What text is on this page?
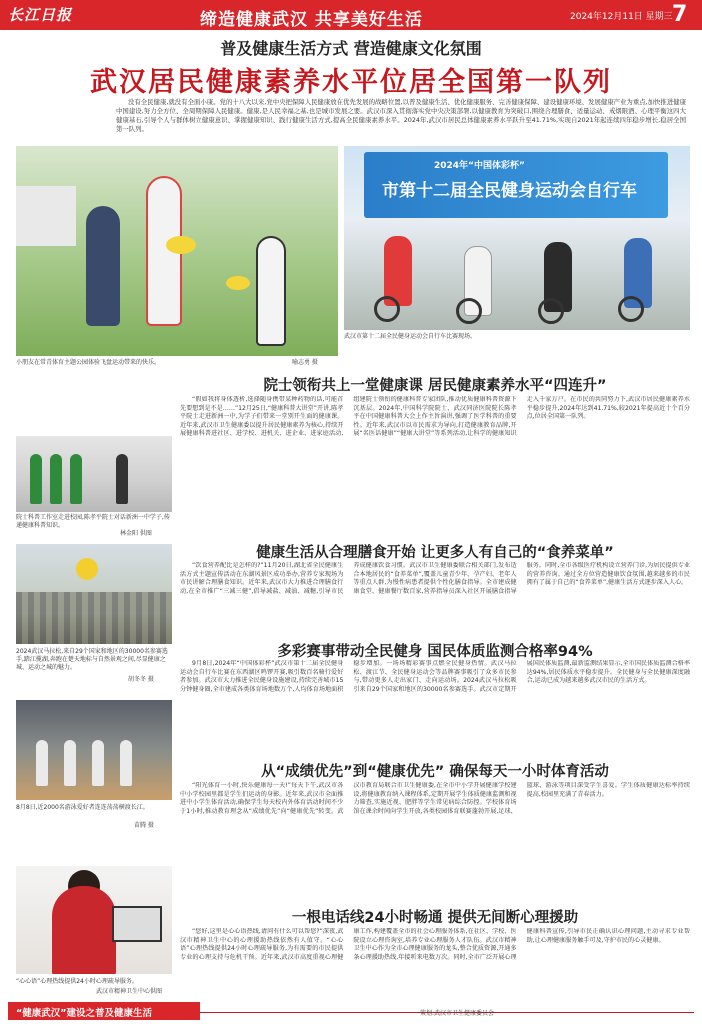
长江日报	缔造健康武汉 共享美好生活	2024年12月11日 星期三 7
普及健康生活方式 营造健康文化氛围
武汉居民健康素养水平位居全国第一队列

没有全民健康,就没有全面小康。党的十八大以来,党中央把保障人民健康放在优先发展的战略位置,以普及健康生活、优化健康服务、完善健康保障、建设健康环境、发展健康产业为重点,加快推进健康中国建设,努力全方位、全周期保障人民健康。健康,是人民幸福之基,也是城市发展之要。武汉市深入贯彻落实党中央决策部署,以健康教育为突破口,围绕合理膳食、适量运动、戒烟限酒、心理平衡这四大健康基石,引导个人与群体树立健康意识、掌握健康知识、践行健康生活方式,提高全民健康素养水平。2024年,武汉市居民总体健康素养水平跃升至41.71%,实现自2021年起连续四年稳步增长,稳居全国第一队列。

小朋友在常青体育主题公园体验飞盘运动带来的快乐。	喻志勇 摄
2024年“中国体彩杯”
市第十二届全民健身运动会自行车
武汉市第十二届全民健身运动会自行车比赛现场。
院士领衔共上一堂健康课 居民健康素养水平“四连升”

“假如我将身体透析,选择随身携带某种药物的话,可能首先要想到是不是……”12月25日,“健康科普大讲堂”开讲,陈孝平院士走进新洲一中,为学子们带来一堂别开生面的健康课。近年来,武汉市卫生健康委以提升居民健康素养为核心,持续开展健康科普进社区、进学校、进机关、进企业、进家庭活动,组建院士领衔的健康科普专家团队,推动优质健康科普资源下沉基层。2024年,中国科学院院士、武汉同济医院院长陈孝平在中国健康科普大会上作主旨演讲,强调了医学科普的重要性。近年来,武汉市以市民需求为导向,打造健康教育品牌,开展“名医话健康”“健康大讲堂”等系列活动,让科学的健康知识走入千家万户。在市民的共同努力下,武汉市居民健康素养水平稳步提升,2024年达到41.71%,较2021年提高近十个百分点,位居全国第一队列。

院士科普工作室走进校园,陈孝平院士对话新洲一中学子,传递健康科普知识。
林金阳 供图
健康生活从合理膳食开始 让更多人有自己的“食养菜单”

“饮食营养配比是怎样的?”11月20日,湖北省全民健康生活方式主题宣传活动在东湖风景区成功举办,营养专家现场为市民讲解合理膳食知识。近年来,武汉市大力推进合理膳食行动,在全市推广“三减三健”,倡导减盐、减油、减糖,引导市民养成健康饮食习惯。武汉市卫生健康委联合相关部门,发布适合本地居民的“食养菜单”,覆盖儿童青少年、孕产妇、老年人等重点人群,为慢性病患者提供个性化膳食指导。全市建成健康食堂、健康餐厅数百家,营养指导员深入社区开展膳食指导服务。同时,全市各级医疗机构设立营养门诊,为居民提供专业的营养咨询。通过全方位营造健康饮食氛围,越来越多的市民拥有了属于自己的“食养菜单”,健康生活方式逐步深入人心。

2024武汉马拉松,来自29个国家和地区的30000名参赛选手,踏江揽湖,奔跑在楚天地标与自然景观之间,尽显健康之城、运动之城的魅力。
胡冬冬 摄
多彩赛事带动全民健身 国民体质监测合格率94%

9月8日,2024年“中国体彩杯”武汉市第十二届全民健身运动会自行车比赛在东西湖区鸣锣开赛,吸引数百名骑行爱好者参加。武汉市大力推进全民健身设施建设,持续完善城市15分钟健身圈,全市建成各类体育场地数万个,人均体育场地面积稳步增加。一场场精彩赛事点燃全民健身热情。武汉马拉松、渡江节、全民健身运动会等品牌赛事吸引了众多市民参与,带动更多人走出家门、走向运动场。2024武汉马拉松吸引来自29个国家和地区的30000名参赛选手。武汉市定期开展国民体质监测,最新监测结果显示,全市国民体质监测合格率达94%,居民体质水平稳步提升。全民健身与全民健康深度融合,运动已成为越来越多武汉市民的生活方式。

8月8日,近2000名游泳爱好者连连荡荡横渡长江。
苗腾 摄
从“成绩优先”到“健康优先” 确保每天一小时体育活动

“阳光体育一小时,快乐健康每一天!”每天下午,武汉市各中小学校园里都是学生们运动的身影。近年来,武汉市全面推进中小学生体育活动,确保学生每天校内外体育活动时间不少于1小时,推动教育理念从“成绩优先”向“健康优先”转变。武汉市教育局联合市卫生健康委,在全市中小学开展健康学校建设,将健康教育纳入课程体系,定期开展学生体质健康监测和视力筛查,实施近视、肥胖等学生常见病综合防控。学校体育场馆在课余时间向学生开放,各类校园体育联赛蓬勃开展,足球、篮球、游泳等项目深受学生喜爱。学生体质健康达标率持续提高,校园里充满了青春活力。

一根电话线24小时畅通 提供无间断心理援助

“您好,这里是心心语热线,请问有什么可以帮您?”深夜,武汉市精神卫生中心的心理援助热线依然有人值守。“心心语”心理热线提供24小时心理疏导服务,为有需要的市民提供专业的心理支持与危机干预。近年来,武汉市高度重视心理健康工作,构建覆盖全市的社会心理服务体系,在社区、学校、医院设立心理咨询室,培养专业心理服务人才队伍。武汉市精神卫生中心作为全市心理健康服务的龙头,整合优质资源,开通多条心理援助热线,年接听来电数万次。同时,全市广泛开展心理健康科普宣传,引导市民正确认识心理问题,主动寻求专业帮助,让心理健康服务触手可及,守护市民的心灵健康。

“心心语”心理热线提供24小时心理疏导服务。
武汉市精神卫生中心供图
“健康武汉”建设之普及健康生活	策划:武汉市卫生健康委员会
